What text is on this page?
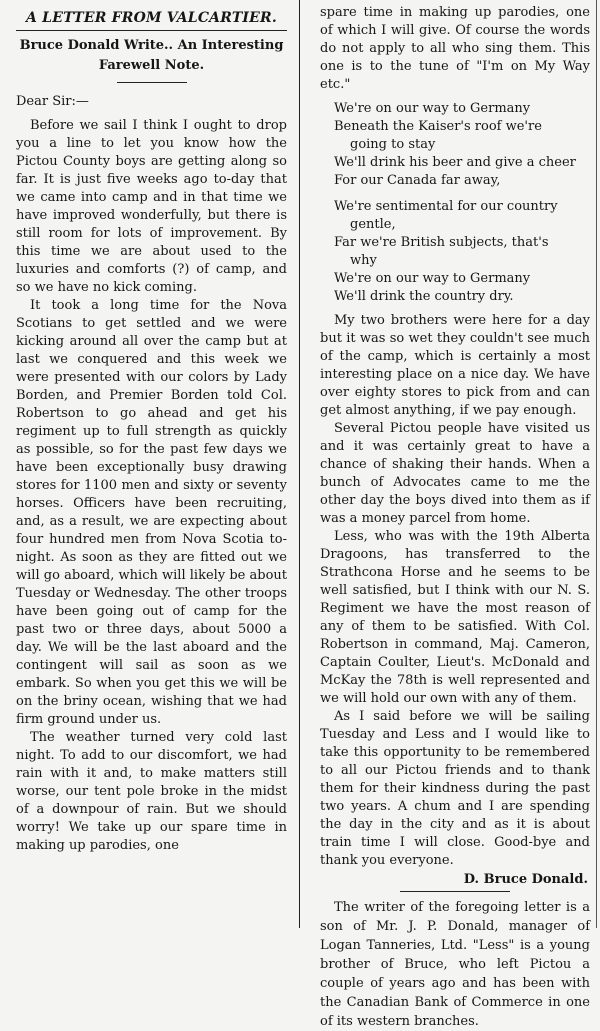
A LETTER FROM VALCARTIER.
Bruce Donald Write.. An Interesting
Farewell Note.
Dear Sir:—

Before we sail I think I ought to drop you a line to let you know how the Pictou County boys are getting along so far. It is just five weeks ago to-day that we came into camp and in that time we have improved wonderfully, but there is still room for lots of improvement. By this time we are about used to the luxuries and comforts (?) of camp, and so we have no kick coming.

It took a long time for the Nova Scotians to get settled and we were kicking around all over the camp but at last we conquered and this week we were presented with our colors by Lady Borden, and Premier Borden told Col. Robertson to go ahead and get his regiment up to full strength as quickly as possible, so for the past few days we have been exceptionally busy drawing stores for 1100 men and sixty or seventy horses. Officers have been recruiting, and, as a result, we are expecting about four hundred men from Nova Scotia to-night. As soon as they are fitted out we will go aboard, which will likely be about Tuesday or Wednesday. The other troops have been going out of camp for the past two or three days, about 5000 a day. We will be the last aboard and the contingent will sail as soon as we embark. So when you get this we will be on the briny ocean, wishing that we had firm ground under us.

The weather turned very cold last night. To add to our discomfort, we had rain with it and, to make matters still worse, our tent pole broke in the midst of a downpour of rain. But we should worry! We take up our spare time in making up parodies, one

spare time in making up parodies, one of which I will give. Of course the words do not apply to all who sing them. This one is to the tune of "I'm on My Way etc."

We're on our way to Germany
Beneath the Kaiser's roof we're
going to stay
We'll drink his beer and give a cheer
For our Canada far away,
We're sentimental for our country
gentle,
Far we're British subjects, that's
why
We're on our way to Germany
We'll drink the country dry.

My two brothers were here for a day but it was so wet they couldn't see much of the camp, which is certainly a most interesting place on a nice day. We have over eighty stores to pick from and can get almost anything, if we pay enough.

Several Pictou people have visited us and it was certainly great to have a chance of shaking their hands. When a bunch of Advocates came to me the other day the boys dived into them as if was a money parcel from home.

Less, who was with the 19th Alberta Dragoons, has transferred to the Strathcona Horse and he seems to be well satisfied, but I think with our N. S. Regiment we have the most reason of any of them to be satisfied. With Col. Robertson in command, Maj. Cameron, Captain Coulter, Lieut's. McDonald and McKay the 78th is well represented and we will hold our own with any of them.

As I said before we will be sailing Tuesday and Less and I would like to take this opportunity to be remembered to all our Pictou friends and to thank them for their kindness during the past two years. A chum and I are spending the day in the city and as it is about train time I will close. Good-bye and thank you everyone.

D. Bruce Donald.

The writer of the foregoing letter is a son of Mr. J. P. Donald, manager of Logan Tanneries, Ltd. "Less" is a young brother of Bruce, who left Pictou a couple of years ago and has been with the Canadian Bank of Commerce in one of its western branches.
